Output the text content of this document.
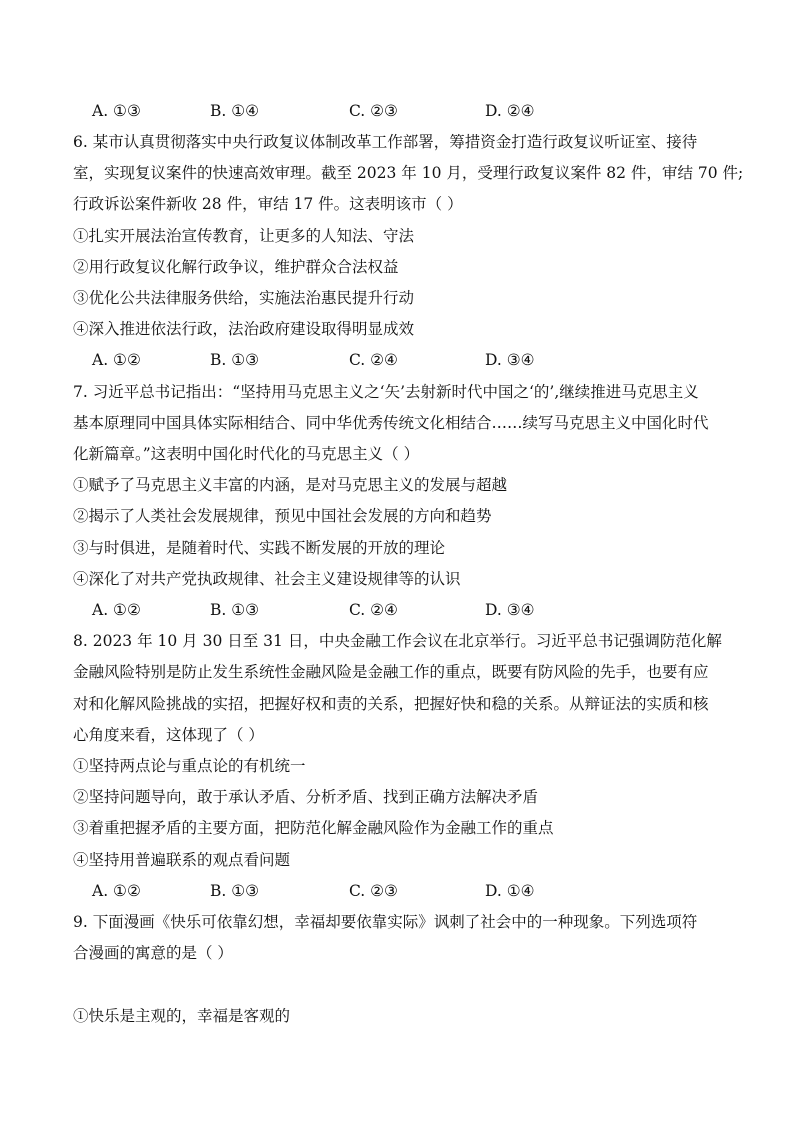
A. ①③	B. ①④	C. ②③	D. ②④
6. 某市认真贯彻落实中央行政复议体制改革工作部署，筹措资金打造行政复议听证室、接待
室，实现复议案件的快速高效审理。截至 2023 年 10 月，受理行政复议案件 82 件，审结 70 件;
行政诉讼案件新收 28 件，审结 17 件。这表明该市（ ）
①扎实开展法治宣传教育，让更多的人知法、守法
②用行政复议化解行政争议，维护群众合法权益
③优化公共法律服务供给，实施法治惠民提升行动
④深入推进依法行政，法治政府建设取得明显成效
A. ①②	B. ①③	C. ②④	D. ③④
7. 习近平总书记指出：“坚持用马克思主义之‘矢’去射新时代中国之‘的’,继续推进马克思主义
基本原理同中国具体实际相结合、同中华优秀传统文化相结合……续写马克思主义中国化时代
化新篇章。”这表明中国化时代化的马克思主义（ ）
①赋予了马克思主义丰富的内涵，是对马克思主义的发展与超越
②揭示了人类社会发展规律，预见中国社会发展的方向和趋势
③与时俱进，是随着时代、实践不断发展的开放的理论
④深化了对共产党执政规律、社会主义建设规律等的认识
A. ①②	B. ①③	C. ②④	D. ③④
8. 2023 年 10 月 30 日至 31 日，中央金融工作会议在北京举行。习近平总书记强调防范化解
金融风险特别是防止发生系统性金融风险是金融工作的重点，既要有防风险的先手，也要有应
对和化解风险挑战的实招，把握好权和责的关系，把握好快和稳的关系。从辩证法的实质和核
心角度来看，这体现了（ ）
①坚持两点论与重点论的有机统一
②坚持问题导向，敢于承认矛盾、分析矛盾、找到正确方法解决矛盾
③着重把握矛盾的主要方面，把防范化解金融风险作为金融工作的重点
④坚持用普遍联系的观点看问题
A. ①②	B. ①③	C. ②③	D. ①④
9. 下面漫画《快乐可依靠幻想，幸福却要依靠实际》讽刺了社会中的一种现象。下列选项符
合漫画的寓意的是（ ）
①快乐是主观的，幸福是客观的
